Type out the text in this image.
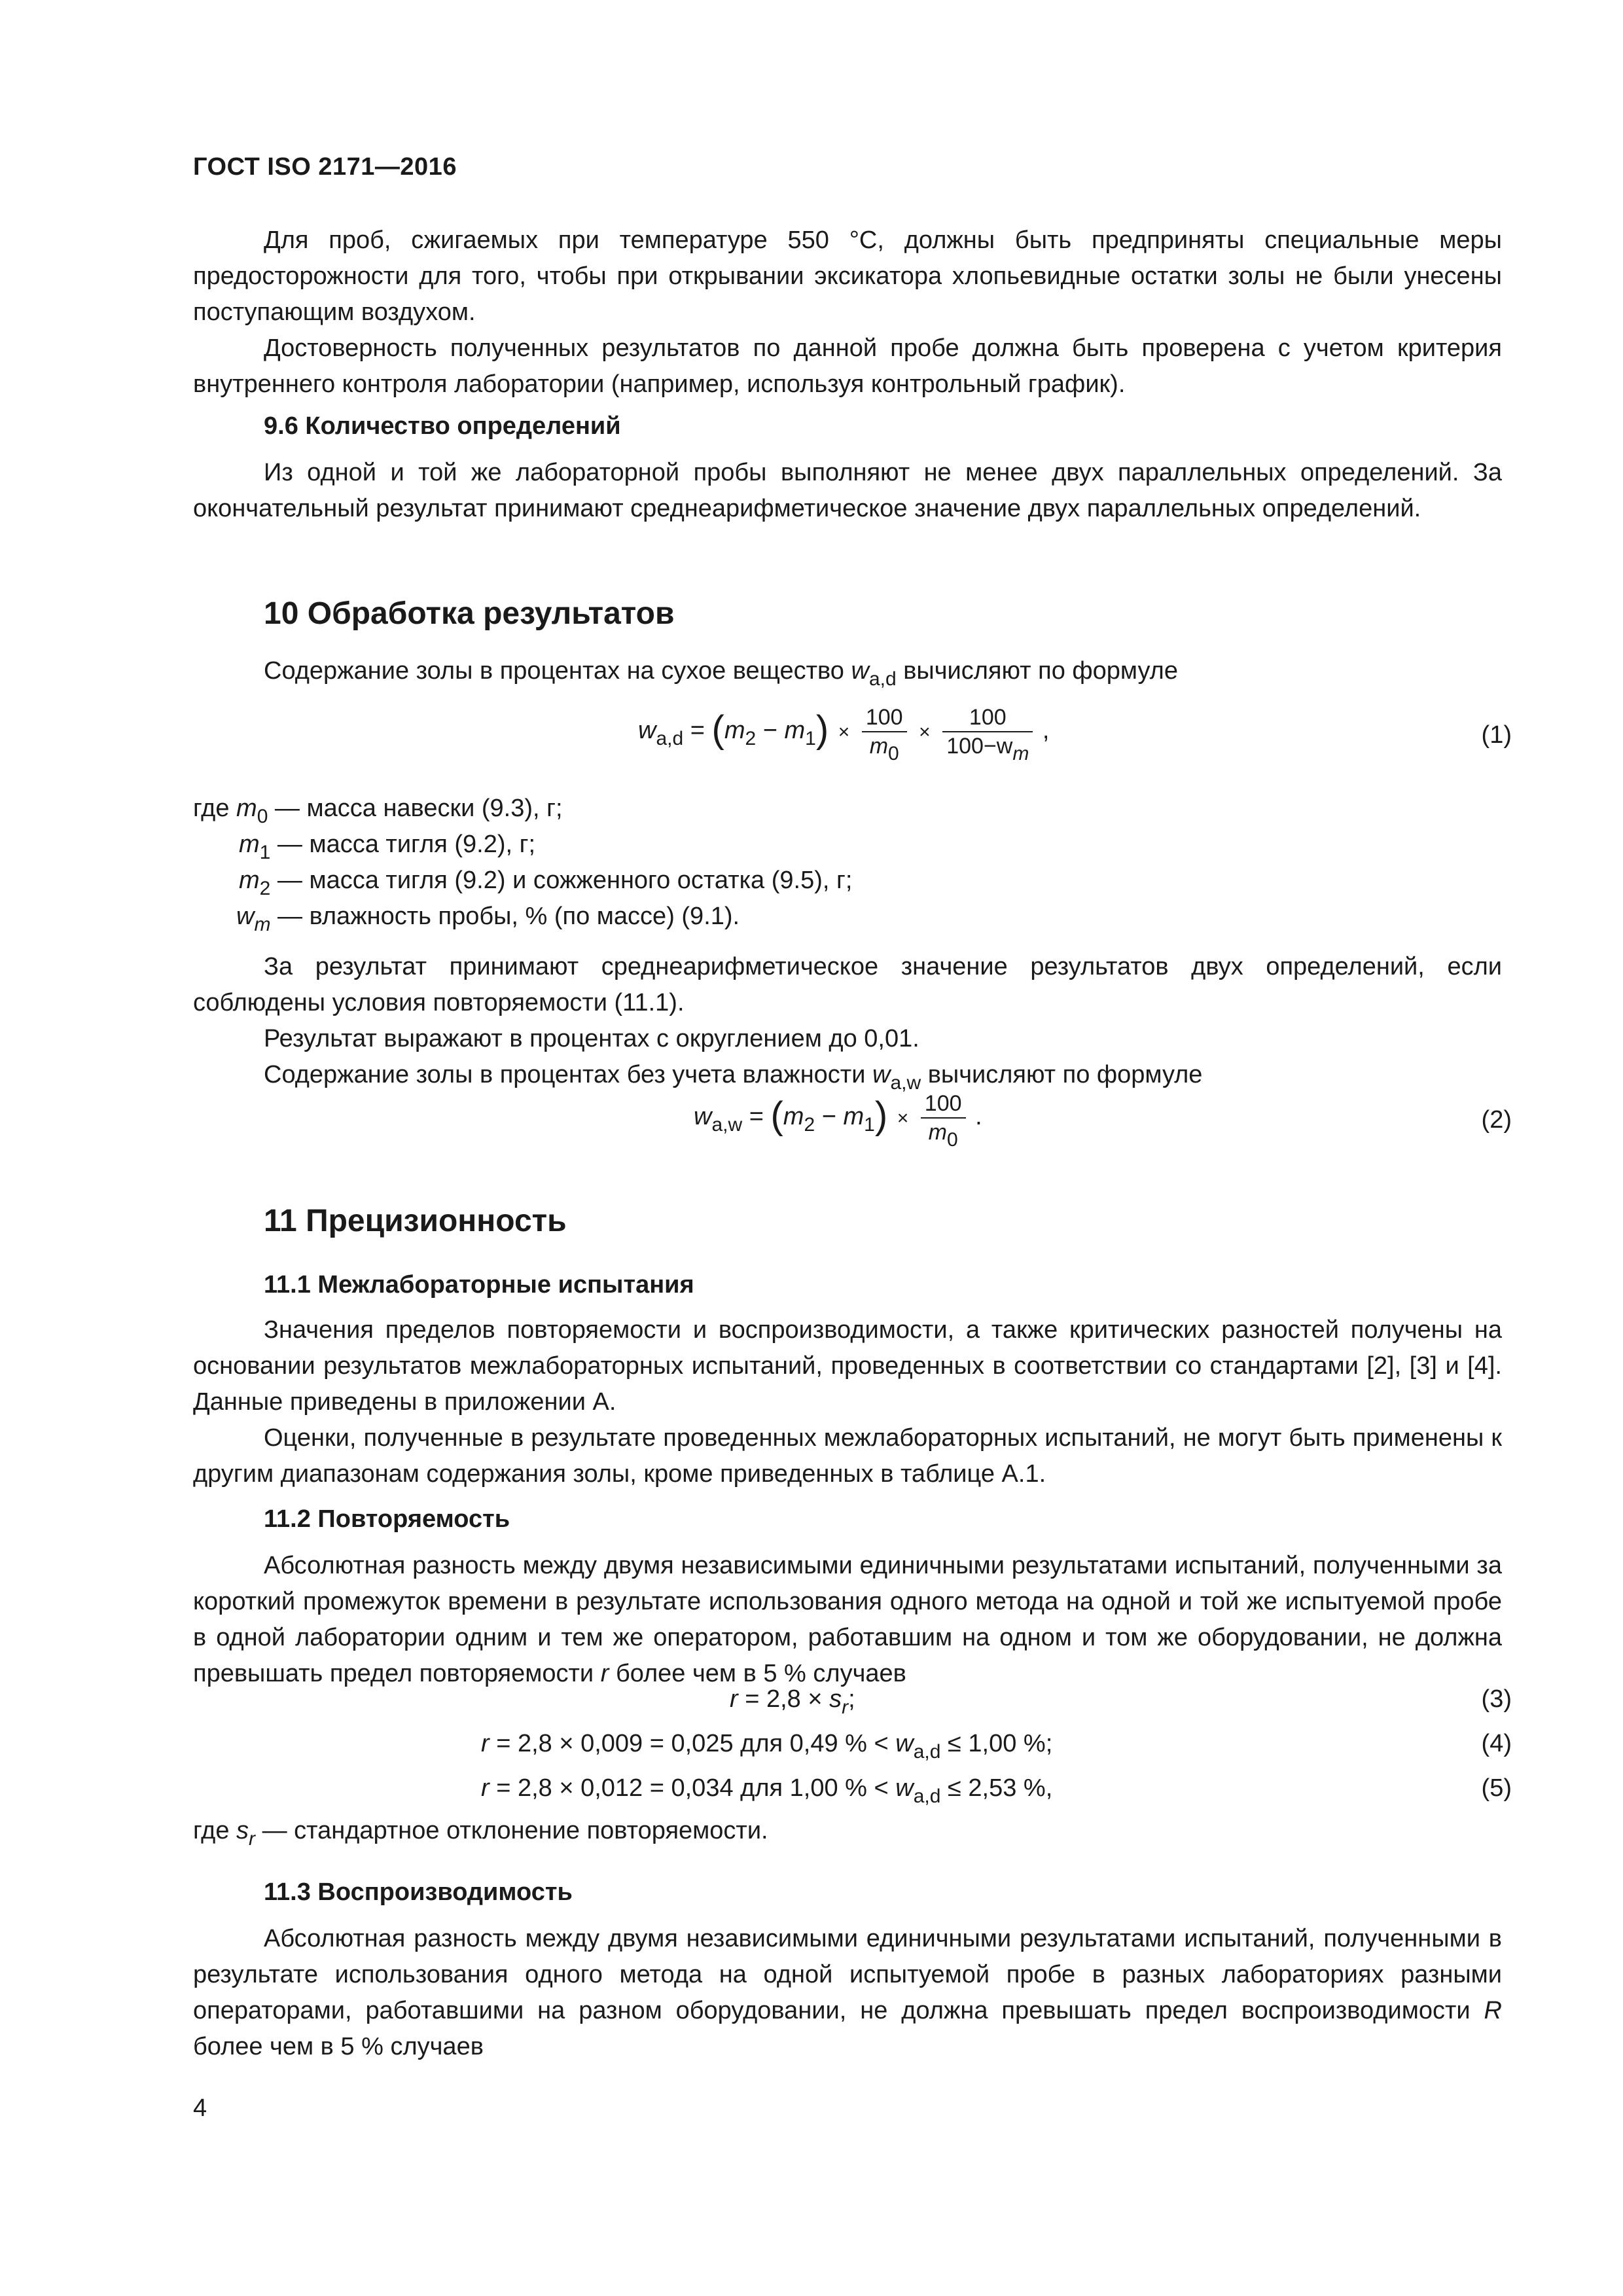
ГОСТ ISO 2171—2016

Для проб, сжигаемых при температуре 550 °С, должны быть предприняты специальные меры предосторожности для того, чтобы при открывании эксикатора хлопьевидные остатки золы не были унесены поступающим воздухом.

Достоверность полученных результатов по данной пробе должна быть проверена с учетом критерия внутреннего контроля лаборатории (например, используя контрольный график).

9.6 Количество определений

Из одной и той же лабораторной пробы выполняют не менее двух параллельных определений. За окончательный результат принимают среднеарифметическое значение двух параллельных определений.

10 Обработка результатов

Содержание золы в процентах на сухое вещество $w_{a,d}$ вычисляют по формуле

$w_{a,d} = (m_2 - m_1) \times \frac{100}{m_0} \times \frac{100}{100-w_m}$ ,	(1)
где $m_0$ — масса навески (9.3), г;
$m_1$ — масса тигля (9.2), г;
$m_2$ — масса тигля (9.2) и сожженного остатка (9.5), г;
$w_m$ — влажность пробы, % (по массе) (9.1).

За результат принимают среднеарифметическое значение результатов двух определений, если соблюдены условия повторяемости (11.1).

Результат выражают в процентах с округлением до 0,01.

Содержание золы в процентах без учета влажности $w_{a,w}$ вычисляют по формуле

$w_{a,w} = (m_2 - m_1) \times \frac{100}{m_0}$ .	(2)
11 Прецизионность
11.1 Межлабораторные испытания

Значения пределов повторяемости и воспроизводимости, а также критических разностей получены на основании результатов межлабораторных испытаний, проведенных в соответствии со стандартами [2], [3] и [4]. Данные приведены в приложении А.

Оценки, полученные в результате проведенных межлабораторных испытаний, не могут быть применены к другим диапазонам содержания золы, кроме приведенных в таблице А.1.

11.2 Повторяемость

Абсолютная разность между двумя независимыми единичными результатами испытаний, полученными за короткий промежуток времени в результате использования одного метода на одной и той же испытуемой пробе в одной лаборатории одним и тем же оператором, работавшим на одном и том же оборудовании, не должна превышать предел повторяемости r более чем в 5 % случаев

$r = 2,8 \times s_r$;	(3)
r = 2,8 × 0,009 = 0,025 для 0,49 % < $w_{a,d} \le 1,00$ %;	(4)
r = 2,8 × 0,012 = 0,034 для 1,00 % < $w_{a,d} \le 2,53$ %,	(5)
где $s_r$ — стандартное отклонение повторяемости.
11.3 Воспроизводимость

Абсолютная разность между двумя независимыми единичными результатами испытаний, полученными в результате использования одного метода на одной испытуемой пробе в разных лабораториях разными операторами, работавшими на разном оборудовании, не должна превышать предел воспроизводимости R более чем в 5 % случаев

4
